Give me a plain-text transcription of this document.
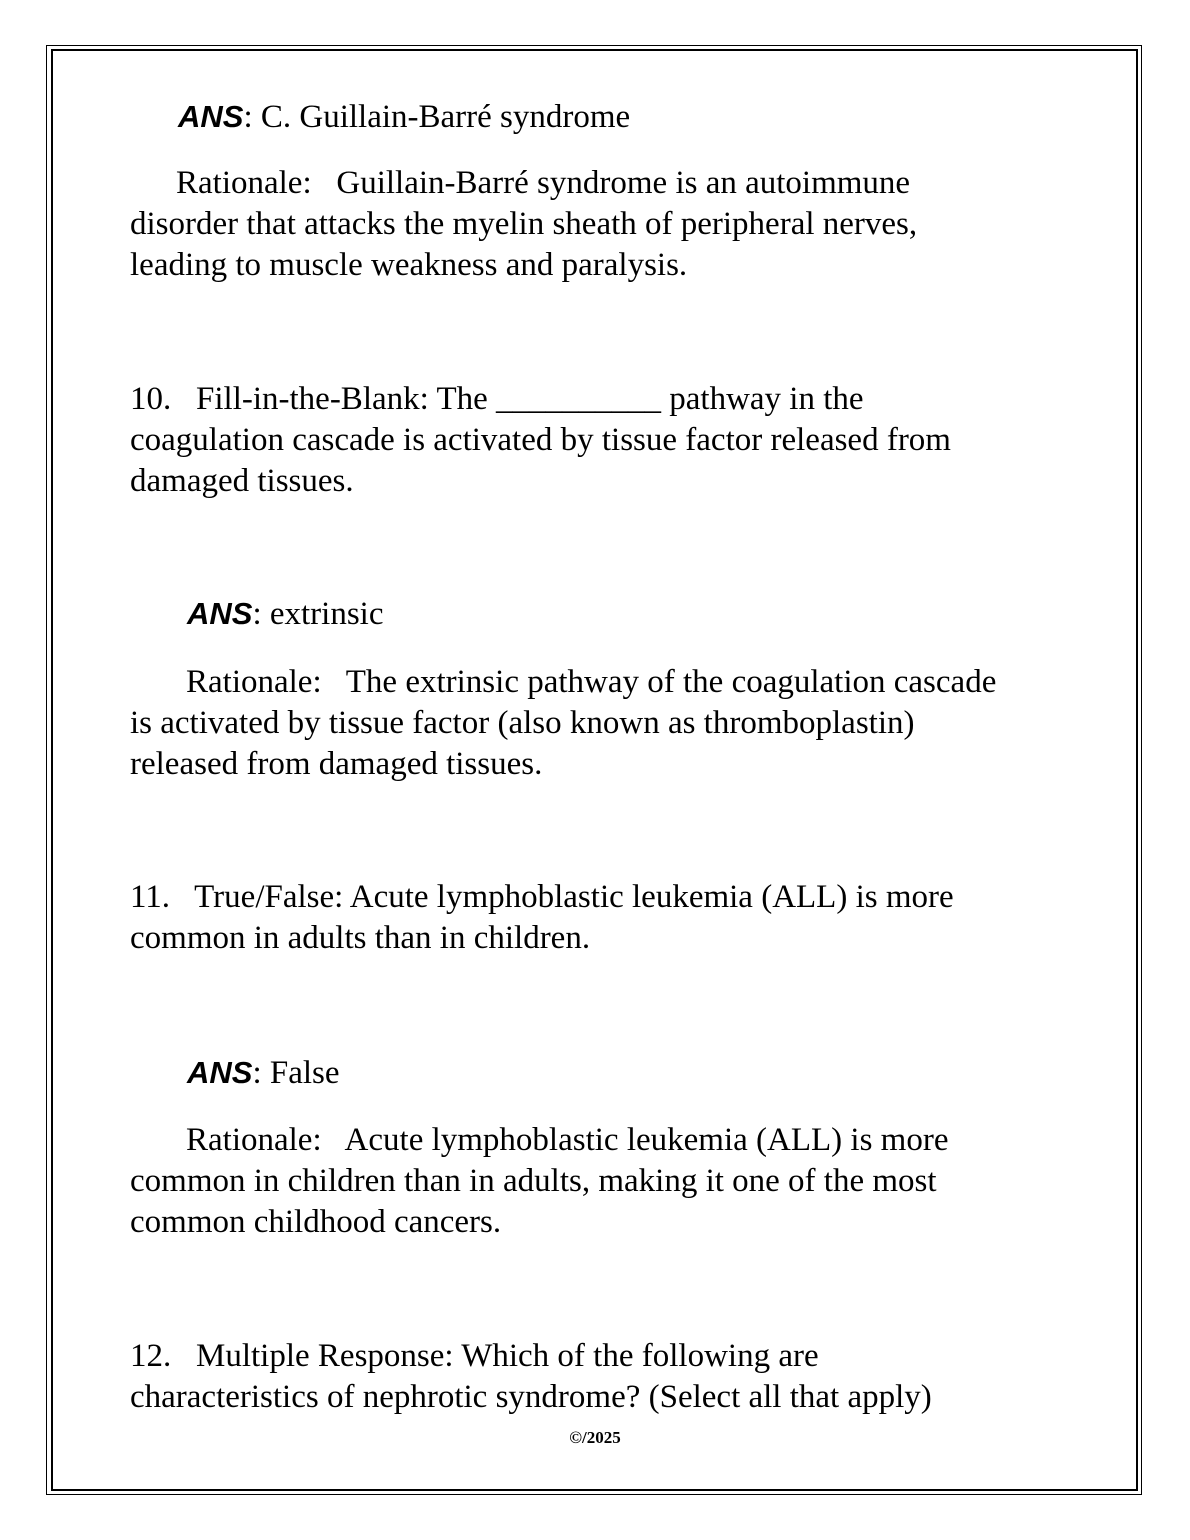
ANS: C. Guillain-Barré syndrome
Rationale:   Guillain-Barré syndrome is an autoimmune
disorder that attacks the myelin sheath of peripheral nerves,
leading to muscle weakness and paralysis.
10.   Fill-in-the-Blank: The __________ pathway in the
coagulation cascade is activated by tissue factor released from
damaged tissues.
ANS: extrinsic
Rationale:   The extrinsic pathway of the coagulation cascade
is activated by tissue factor (also known as thromboplastin)
released from damaged tissues.
11.   True/False: Acute lymphoblastic leukemia (ALL) is more
common in adults than in children.
ANS: False
Rationale:   Acute lymphoblastic leukemia (ALL) is more
common in children than in adults, making it one of the most
common childhood cancers.
12.   Multiple Response: Which of the following are
characteristics of nephrotic syndrome? (Select all that apply)
©/2025
